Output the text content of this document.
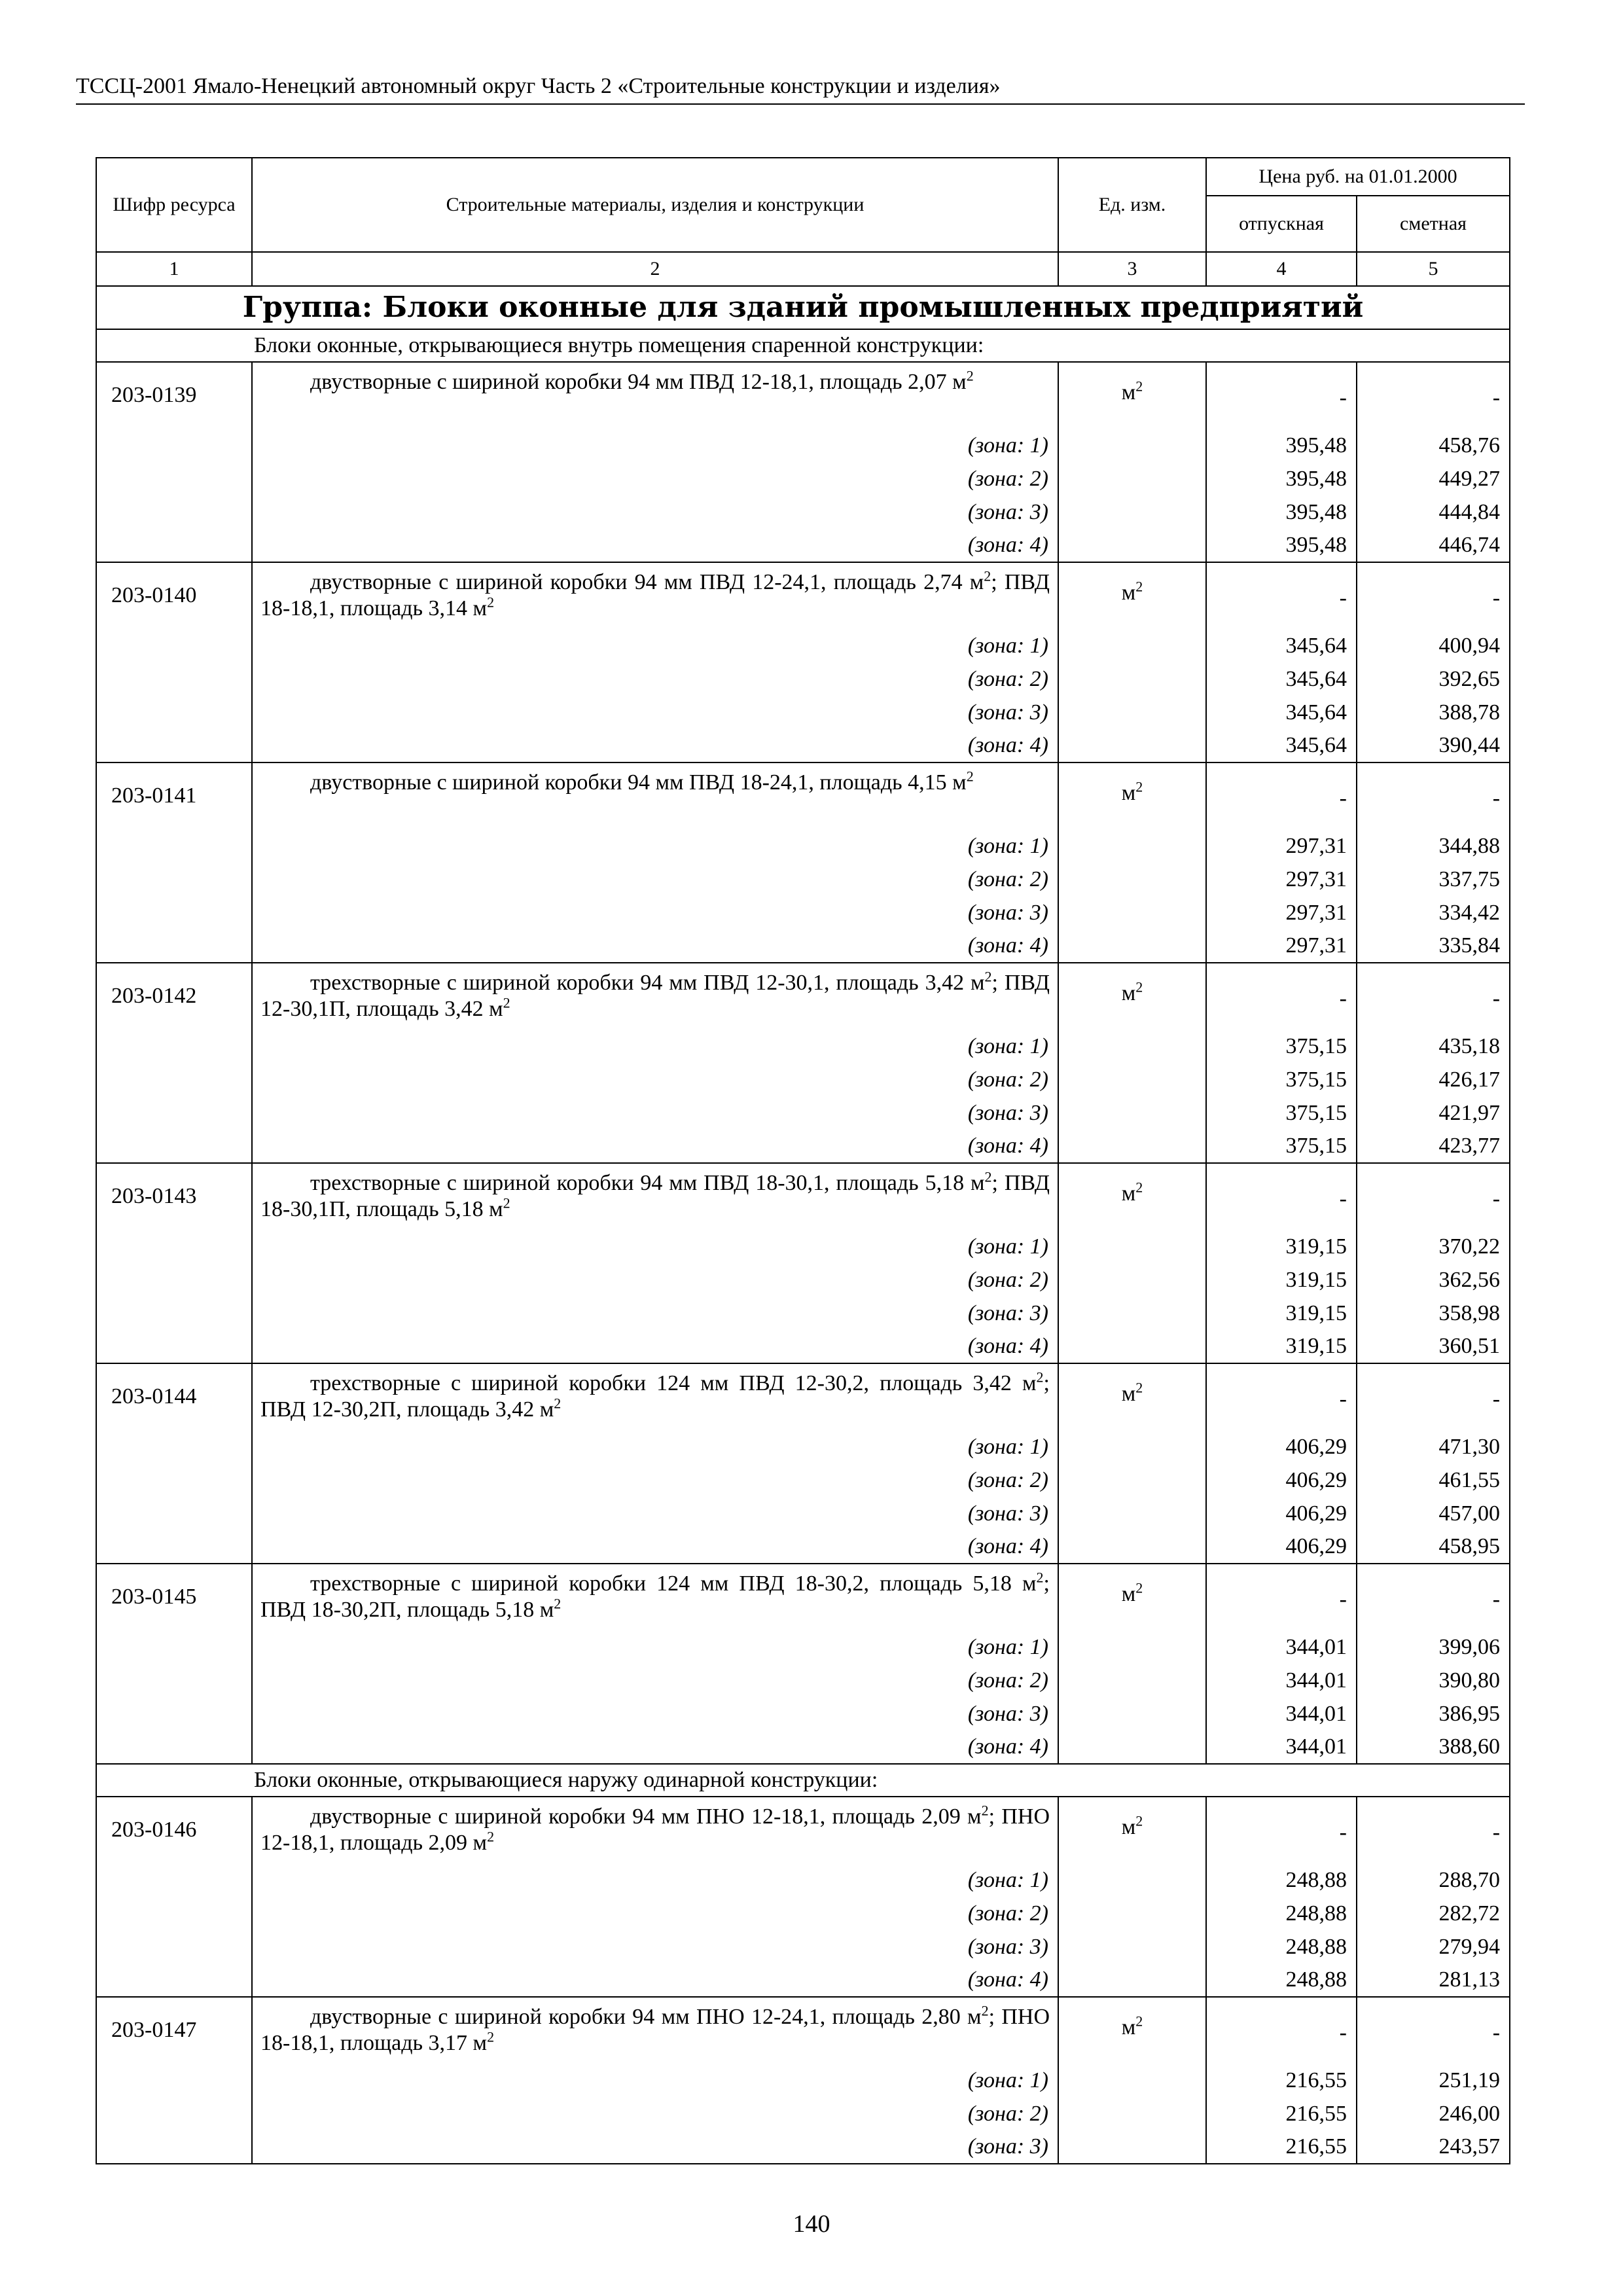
ТССЦ-2001 Ямало-Ненецкий автономный округ Часть 2 «Строительные конструкции и изделия»
Шифр ресурса	Строительные материалы, изделия и конструкции	Ед. изм.	Цена руб. на 01.01.2000	
			отпускная	сметная
1	2	3	4	5
Группа: Блоки оконные для зданий промышленных предприятий				
Блоки оконные, открывающиеся внутрь помещения спаренной конструкции:				
203-0139	двустворные с шириной коробки 94 мм ПВД 12-18,1, площадь 2,07 $м^2$	$м^2$	-	-
	(зона: 1)		395,48	458,76
	(зона: 2)		395,48	449,27
	(зона: 3)		395,48	444,84
	(зона: 4)		395,48	446,74
203-0140	двустворные с шириной коробки 94 мм ПВД 12-24,1, площадь 2,74 $м^2$; ПВД 18-18,1, площадь 3,14 $м^2$	$м^2$	-	-
	(зона: 1)		345,64	400,94
	(зона: 2)		345,64	392,65
	(зона: 3)		345,64	388,78
	(зона: 4)		345,64	390,44
203-0141	двустворные с шириной коробки 94 мм ПВД 18-24,1, площадь 4,15 $м^2$	$м^2$	-	-
	(зона: 1)		297,31	344,88
	(зона: 2)		297,31	337,75
	(зона: 3)		297,31	334,42
	(зона: 4)		297,31	335,84
203-0142	трехстворные с шириной коробки 94 мм ПВД 12-30,1, площадь 3,42 $м^2$; ПВД 12-30,1П, площадь 3,42 $м^2$	$м^2$	-	-
	(зона: 1)		375,15	435,18
	(зона: 2)		375,15	426,17
	(зона: 3)		375,15	421,97
	(зона: 4)		375,15	423,77
203-0143	трехстворные с шириной коробки 94 мм ПВД 18-30,1, площадь 5,18 $м^2$; ПВД 18-30,1П, площадь 5,18 $м^2$	$м^2$	-	-
	(зона: 1)		319,15	370,22
	(зона: 2)		319,15	362,56
	(зона: 3)		319,15	358,98
	(зона: 4)		319,15	360,51
203-0144	трехстворные с шириной коробки 124 мм ПВД 12-30,2, площадь 3,42 $м^2$; ПВД 12-30,2П, площадь 3,42 $м^2$	$м^2$	-	-
	(зона: 1)		406,29	471,30
	(зона: 2)		406,29	461,55
	(зона: 3)		406,29	457,00
	(зона: 4)		406,29	458,95
203-0145	трехстворные с шириной коробки 124 мм ПВД 18-30,2, площадь 5,18 $м^2$; ПВД 18-30,2П, площадь 5,18 $м^2$	$м^2$	-	-
	(зона: 1)		344,01	399,06
	(зона: 2)		344,01	390,80
	(зона: 3)		344,01	386,95
	(зона: 4)		344,01	388,60
Блоки оконные, открывающиеся наружу одинарной конструкции:				
203-0146	двустворные с шириной коробки 94 мм ПНО 12-18,1, площадь 2,09 $м^2$; ПНО 12-18,1, площадь 2,09 $м^2$	$м^2$	-	-
	(зона: 1)		248,88	288,70
	(зона: 2)		248,88	282,72
	(зона: 3)		248,88	279,94
	(зона: 4)		248,88	281,13
203-0147	двустворные с шириной коробки 94 мм ПНО 12-24,1, площадь 2,80 $м^2$; ПНО 18-18,1, площадь 3,17 $м^2$	$м^2$	-	-
	(зона: 1)		216,55	251,19
	(зона: 2)		216,55	246,00
	(зона: 3)		216,55	243,57
140
